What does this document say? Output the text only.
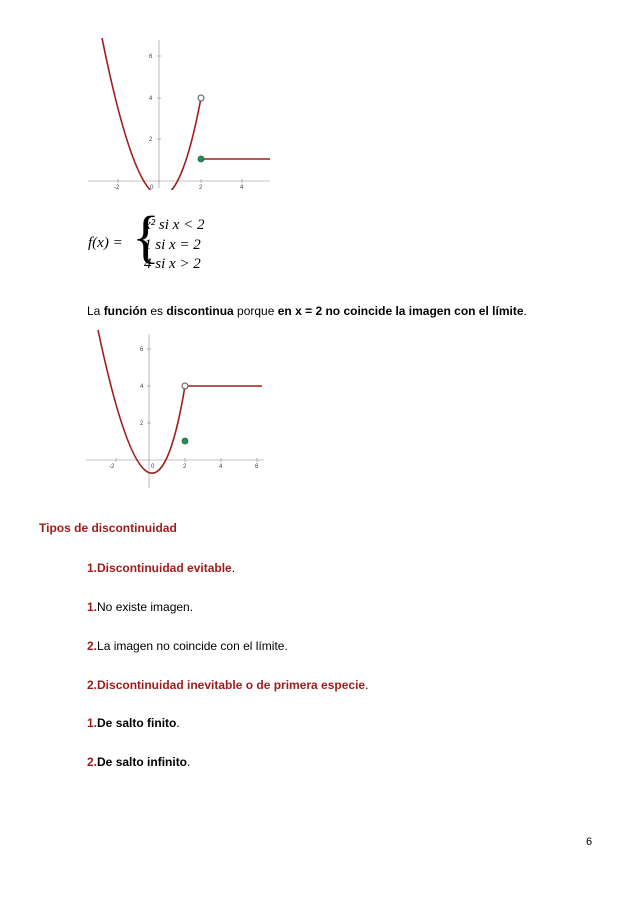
-2	0	2	4
2
4
6
f(x) = {
x² si x < 2
1 si x = 2
4 si x > 2
La función es discontinua porque en x = 2 no coincide la imagen con el límite.
-2	0	2	4	6
2
4
6
Tipos de discontinuidad
1.Discontinuidad evitable.
1.No existe imagen.
2.La imagen no coincide con el límite.
2.Discontinuidad inevitable o de primera especie.
1.De salto finito.
2.De salto infinito.
6
